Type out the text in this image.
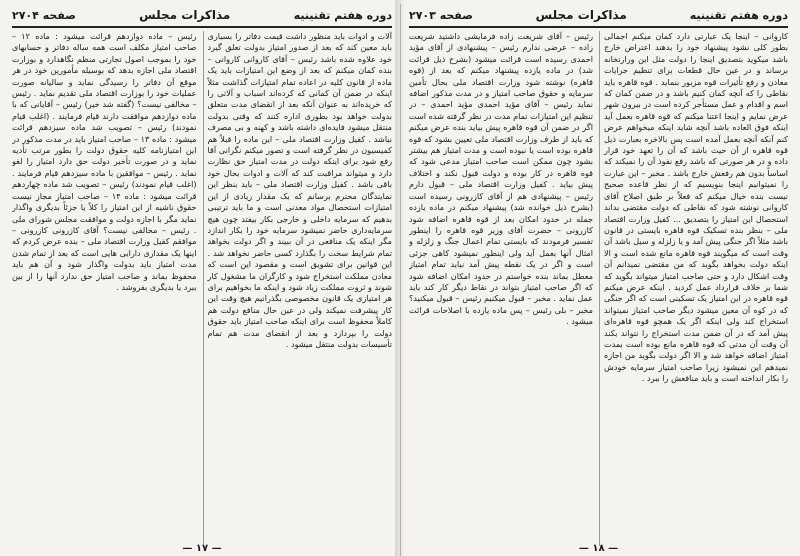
دوره هفتم تقنينيه
مذاکرات مجلس
صفحه ۲۷۰۳

کاروانی – اینجا یک عبارتی دارد کمان میکنم اجمالی بطور کلی نشود پیشنهاد خود را بدهند اعتراض خارج باشد میکوید بتصدیق اینجا را دولت مثل این ورارتخانه برساند و در عین حال قطعات برای تنظیم جرایات معادن و رفع تأثیرات قوه مزبور بنماید . قوه قاهره باید نقاطی را که آنچه کمان کنیم باشد و در ضمن کمان که اسم و اقدام و عمل مستأجر کرده است در بیرون شهر عرض نمایم و اینجا اعتنا میکنم که قوه قاهره بعمل آید اینکه فوق العاده باشد آنچه شاید اینکه میخواهم عرض کنم آنکه آنچه بعمل آمده است پس بالاخره بعبارت ذیل قوه قاهره از آن حیث باشد که آن را تعهد خود قرار داده و در هر صورتی که باشد رفع نفوذ آن را نمیکند که اساساً بدون هم رفعش خارج باشد . مخبر – این عبارت را نمیتوانیم اینجا بنویسیم که از نظر قاعده صحیح نیست بنده خیال میکنم که فعلاً بر طبق اصلاح آقای کاروانی نوشته شود که نقاطی که دولت مقتضی بداند استحصال این امتیاز را بتصدیق ... کفیل وزارت اقتصاد ملی – بنظر بنده تسکیک قوه قاهره بایستی در قانون باشد مثلاً اگر جنگی پیش آمد و یا زلزله و سیل باشد آن وقت است که میگویند قوه قاهره مانع شده است و الا اینکه دولت بخواهد بگوید که من مقتضی نمیدانم آن وقت اشکال دارد و حتی صاحب امتیاز میتواند بگوید که شما بر خلاف قرارداد عمل کردید . اینکه عرض میکنم قوه قاهره در این امتیاز یک تسکینی است که اگر جنگی که در کوه آن معین میشود دیگر صاحب امتیاز نمیتواند استخراج کند ولی اینکه اگر یک همچو قوه قاهره‌ای پیش آمد که در آن ضمن مدت استخراج را نتواند بکند آن وقت آن مدتی که قوه قاهره مانع بوده است بمدت امتیاز اضافه خواهد شد و الا اگر دولت بگوید من اجازه نمیدهم این نمیشود زیرا صاحب امتیاز سرمایه خودش را بکار انداخته است و باید منافعش را ببرد .

رئیس – آقای شریعت زاده فرمایشی داشتید شریعت زاده – عرضی ندارم رئیس – پیشنهادی از آقای مؤید احمدی رسیده است قرائت میشود (بشرح ذیل قرائت شد) در ماده یازده پیشنهاد میکنم که بعد از (قوه قاهره) نوشته شود وزارت اقتصاد ملی بحال تأمین سرمایه و حقوق صاحب امتیاز و در مدت مذکور اضافه نماید رئیس – آقای مؤید احمدی مؤید احمدی – در تنظیم این امتیازات تمام مدت در نظر گرفته شده است اگر در ضمن آن قوه قاهره پیش بیاید بنده عرض میکنم که باید از طرف وزارت اقتصاد ملی تعیین بشود که قوه قاهره بوده است یا نبوده است و مدت امتیاز هم بیشتر بشود چون ممکن است صاحب امتیاز مدعی شود که قوه قاهره در کار بوده و دولت قبول نکند و اختلاف پیش بیاید . کفیل وزارت اقتصاد ملی – قبول دارم رئیس – پیشنهادی هم از آقای کازرونی رسیده است (بشرح ذیل خوانده شد) پیشنهاد میکنم در ماده یازده جمله در حدود امکان بعد از قوه قاهره اضافه شود کازرونی – حضرت آقای وزیر قوه قاهره را اینطور تفسیر فرمودند که بایستی تمام اعمال جنگ و زلزله و امثال آنها بعمل آید ولی اینطور نمیشود کاهی جزئی است و اگر در یک نقطه پیش آمد نباید تمام امتیاز معطل بماند بنده خواستم در حدود امکان اضافه شود که اگر صاحب امتیاز بتواند در نقاط دیگر کار کند باید عمل نماید . مخبر – قبول میکنیم رئیس – قبول میکنید؟ مخبر – بلی رئیس – پس ماده یازده با اصلاحات قرائت میشود .

— ۱۸ —
دوره هفتم تقنينيه
مذاکرات مجلس
صفحه ۲۷۰۴

آلات و ادوات باید منظور داشت قیمت دفاتر را بسیاری باید معین کند که بعد از صدور امتیاز بدولت تعلق گیرد خود علاوه شده باشد رئیس – آقای کاروانی کاروانی – بنده کمان میکنم که بعد از وضع این امتیازات باید یک ماده از قانون کلیه در اعاده تمام امتیازات گذاشت مثلاً اینکه در ضمن آن کمانی که کرده‌اند اسباب و آلاتی را که خریده‌اند به عنوان آنکه بعد از انقضای مدت متعلق بدولت خواهد بود بطوری اداره کنند که وقتی بدولت منتقل میشود فایده‌ای داشته باشد و کهنه و بی مصرف نباشد . کفیل وزارت اقتصاد ملی – این ماده را قبلاً هم کمیسیون در نظر گرفته است و تصور میکنم نگرانی آقا رفع شود برای اینکه دولت در مدت امتیاز حق نظارت دارد و میتواند مراقبت کند که آلات و ادوات بحال خود باقی باشد . کفیل وزارت اقتصاد ملی – باید بنظر این نمایندگان محترم برسانم که یک مقدار زیادی از این امتیازات استحصال مواد معدنی است و ما باید ترتیبی بدهیم که سرمایه داخلی و خارجی بکار بیفتد چون هیچ سرمایه‌داری حاضر نمیشود سرمایه خود را بکار اندازد مگر اینکه یک منافعی در آن ببیند و اگر دولت بخواهد تمام شرایط سخت را بگذارد کسی حاضر نخواهد شد . این قوانین برای تشویق است و مقصود این است که معادن مملکت استخراج شود و کارگران ما مشغول کار شوند و ثروت مملکت زیاد شود و اینکه ما بخواهیم برای هر امتیازی یک قانون مخصوصی بگذرانیم هیچ وقت این کار پیشرفت نمیکند ولی در عین حال منافع دولت هم کاملاً محفوظ است برای اینکه صاحب امتیاز باید حقوق دولت را بپردازد و بعد از انقضای مدت هم تمام تأسیسات بدولت منتقل میشود .

رئیس – ماده دوازدهم قرائت میشود : ماده ۱۲ – صاحب امتیاز مکلف است همه ساله دفاتر و حسابهای خود را بموجب اصول تجارتی منظم نگاهدارد و بوزارت اقتصاد ملی اجازه بدهد که بوسیله مأمورین خود در هر موقع آن دفاتر را رسیدگی نماید و سالیانه صورت عملیات خود را بوزارت اقتصاد ملی تقدیم نماید . رئیس – مخالفی نیست؟ (گفته شد خیر) رئیس – آقایانی که با ماده دوازدهم موافقت دارند قیام فرمایند . (اغلب قیام نمودند) رئیس – تصویب شد ماده سیزدهم قرائت میشود : ماده ۱۳ – صاحب امتیاز باید در مدت مذکور در این امتیاز‌نامه کلیه حقوق دولت را بطور مرتب تأدیه نماید و در صورت تأخیر دولت حق دارد امتیاز را لغو نماید . رئیس – موافقین با ماده سیزدهم قیام فرمایند . (اغلب قیام نمودند) رئیس – تصویب شد ماده چهاردهم قرائت میشود : ماده ۱۴ – صاحب امتیاز مجاز نیست حقوق ناشیه از این امتیاز را کلاً یا جزئاً بدیگری واگذار نماید مگر با اجازه دولت و موافقت مجلس شورای ملی . رئیس – مخالفی نیست؟ آقای کازرونی کازرونی – موافقم کفیل وزارت اقتصاد ملی – بنده عرض کردم که اینها یک مقداری دارایی هایی است که بعد از تمام شدن مدت امتیاز باید بدولت واگذار شود و آن هم باید محفوظ بماند و صاحب امتیاز حق ندارد آنها را از بین ببرد یا بدیگری بفروشد .

— ۱۷ —
